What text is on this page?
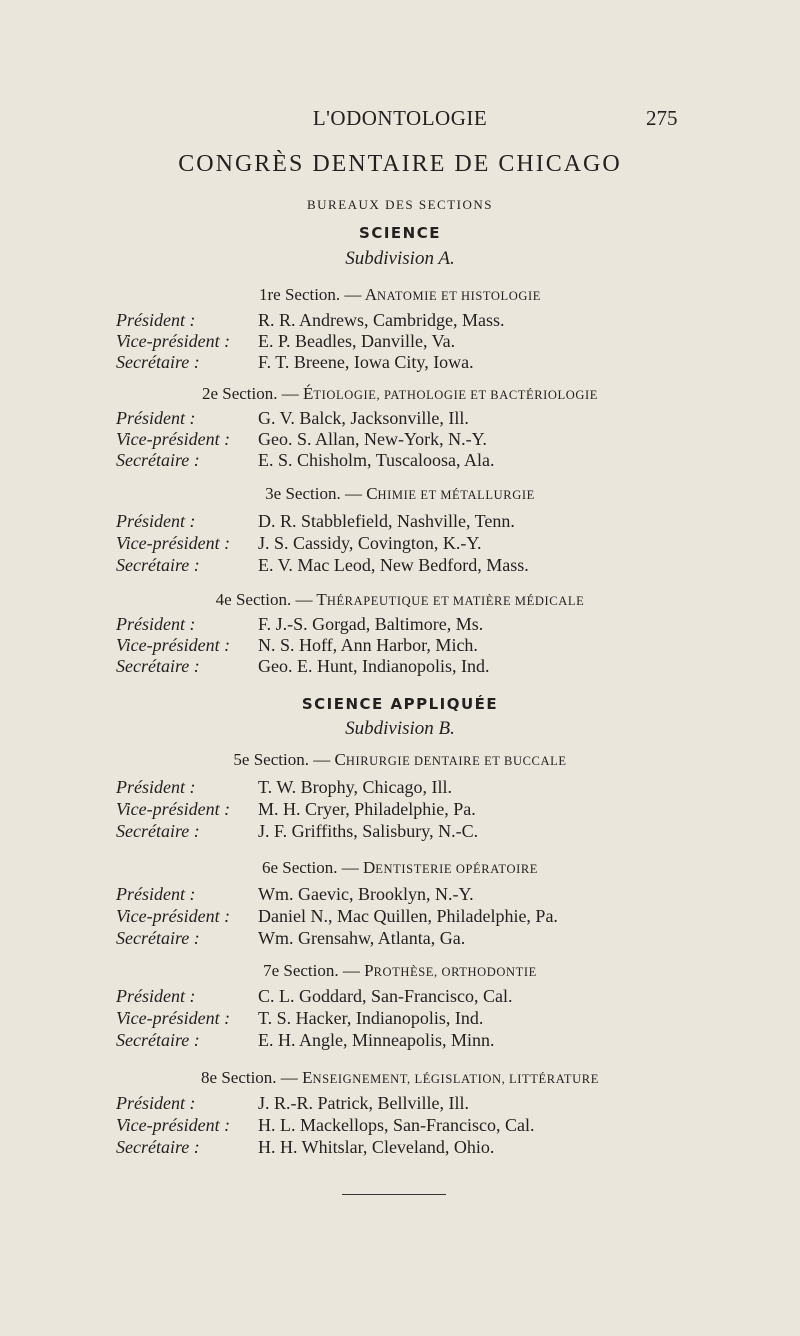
L'ODONTOLOGIE	275
CONGRÈS DENTAIRE DE CHICAGO
BUREAUX DES SECTIONS
SCIENCE
Subdivision A.
1re Section. — ANATOMIE ET HISTOLOGIE
Président :	R. R. Andrews, Cambridge, Mass.
Vice-président : E. P. Beadles, Danville, Va.
Secrétaire :	F. T. Breene, Iowa City, Iowa.
2e Section. — ÉTIOLOGIE, PATHOLOGIE ET BACTÉRIOLOGIE
Président :	G. V. Balck, Jacksonville, Ill.
Vice-président : Geo. S. Allan, New-York, N.-Y.
Secrétaire :	E. S. Chisholm, Tuscaloosa, Ala.
3e Section. — CHIMIE ET MÉTALLURGIE
Président :	D. R. Stabblefield, Nashville, Tenn.
Vice-président : J. S. Cassidy, Covington, K.-Y.
Secrétaire :	E. V. Mac Leod, New Bedford, Mass.
4e Section. — THÉRAPEUTIQUE ET MATIÈRE MÉDICALE
Président :	F. J.-S. Gorgad, Baltimore, Ms.
Vice-président : N. S. Hoff, Ann Harbor, Mich.
Secrétaire :	Geo. E. Hunt, Indianopolis, Ind.
SCIENCE APPLIQUÉE
Subdivision B.
5e Section. — CHIRURGIE DENTAIRE ET BUCCALE
Président :	T. W. Brophy, Chicago, Ill.
Vice-président : M. H. Cryer, Philadelphie, Pa.
Secrétaire :	J. F. Griffiths, Salisbury, N.-C.
6e Section. — DENTISTERIE OPÉRATOIRE
Président :	Wm. Gaevic, Brooklyn, N.-Y.
Vice-président : Daniel N., Mac Quillen, Philadelphie, Pa.
Secrétaire :	Wm. Grensahw, Atlanta, Ga.
7e Section. — PROTHÈSE, ORTHODONTIE
Président :	C. L. Goddard, San-Francisco, Cal.
Vice-président : T. S. Hacker, Indianopolis, Ind.
Secrétaire :	E. H. Angle, Minneapolis, Minn.
8e Section. — ENSEIGNEMENT, LÉGISLATION, LITTÉRATURE
Président :	J. R.-R. Patrick, Bellville, Ill.
Vice-président : H. L. Mackellops, San-Francisco, Cal.
Secrétaire :	H. H. Whitslar, Cleveland, Ohio.
